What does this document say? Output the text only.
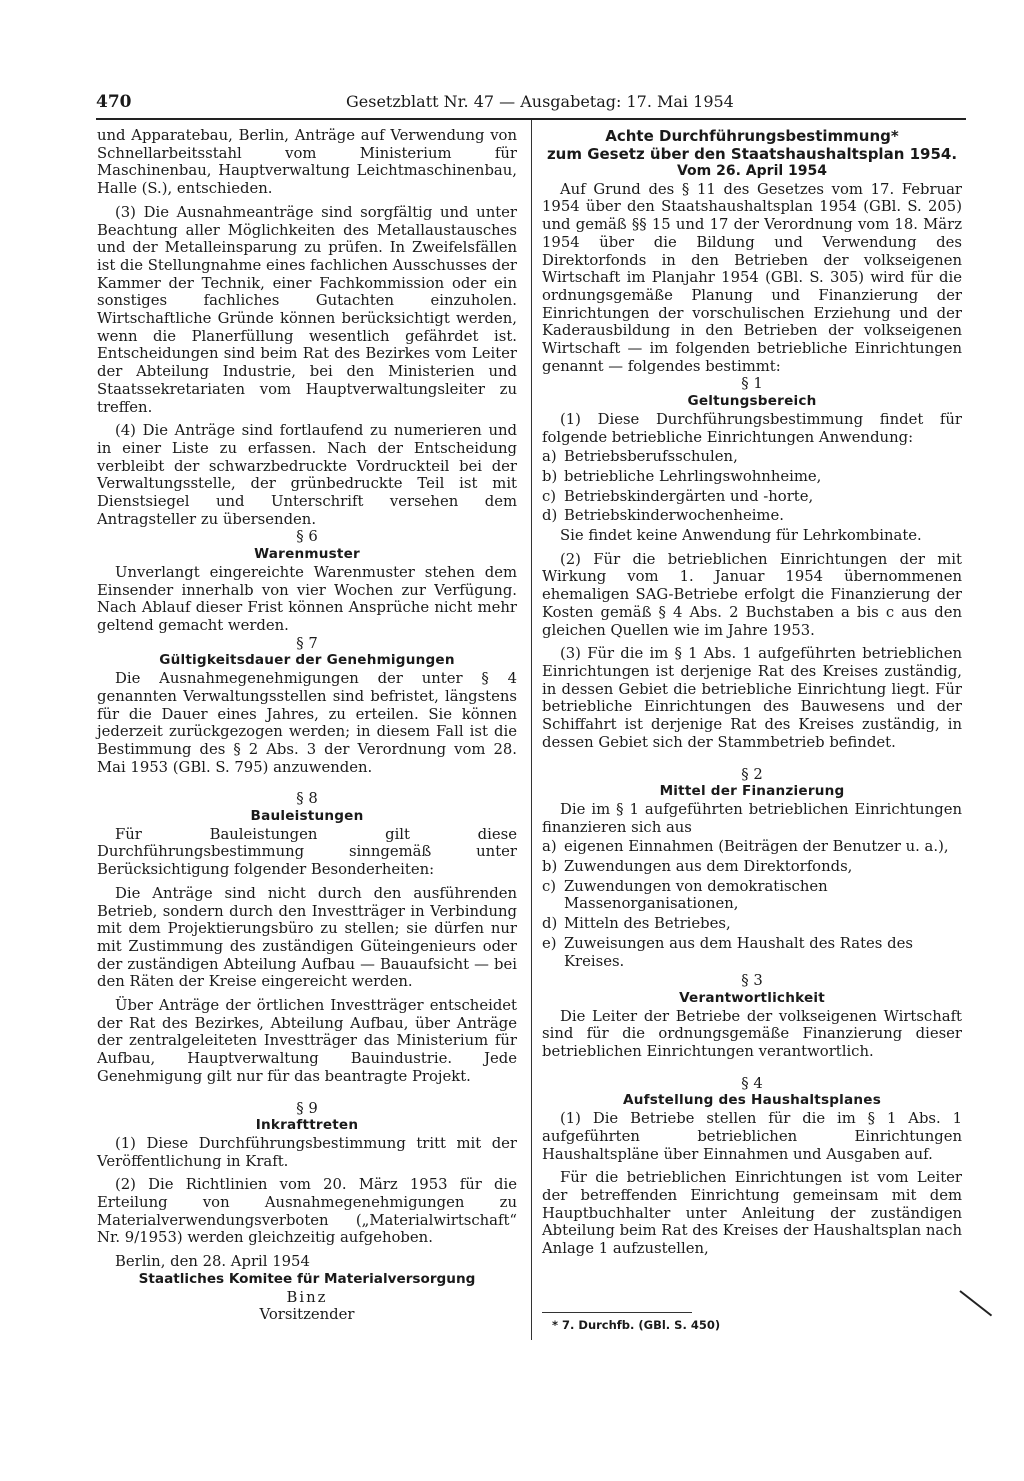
470	Gesetzblatt Nr. 47 — Ausgabetag: 17. Mai 1954

und Apparatebau, Berlin, Anträge auf Verwendung von Schnellarbeitsstahl vom Ministerium für Maschinenbau, Hauptverwaltung Leichtmaschinenbau, Halle (S.), entschieden.

(3) Die Ausnahmeanträge sind sorgfältig und unter Beachtung aller Möglichkeiten des Metallaustausches und der Metalleinsparung zu prüfen. In Zweifelsfällen ist die Stellungnahme eines fachlichen Ausschusses der Kammer der Technik, einer Fachkommission oder ein sonstiges fachliches Gutachten einzuholen. Wirtschaftliche Gründe können berücksichtigt werden, wenn die Planerfüllung wesentlich gefährdet ist. Entscheidungen sind beim Rat des Bezirkes vom Leiter der Abteilung Industrie, bei den Ministerien und Staatssekretariaten vom Hauptverwaltungsleiter zu treffen.

(4) Die Anträge sind fortlaufend zu numerieren und in einer Liste zu erfassen. Nach der Entscheidung verbleibt der schwarzbedruckte Vordruckteil bei der Verwaltungsstelle, der grünbedruckte Teil ist mit Dienstsiegel und Unterschrift versehen dem Antragsteller zu übersenden.

§ 6

Warenmuster

Unverlangt eingereichte Warenmuster stehen dem Einsender innerhalb von vier Wochen zur Verfügung. Nach Ablauf dieser Frist können Ansprüche nicht mehr geltend gemacht werden.

§ 7

Gültigkeitsdauer der Genehmigungen

Die Ausnahmegenehmigungen der unter § 4 genannten Verwaltungsstellen sind befristet, längstens für die Dauer eines Jahres, zu erteilen. Sie können jederzeit zurückgezogen werden; in diesem Fall ist die Bestimmung des § 2 Abs. 3 der Verordnung vom 28. Mai 1953 (GBl. S. 795) anzuwenden.

§ 8

Bauleistungen

Für Bauleistungen gilt diese Durchführungsbestimmung sinngemäß unter Berücksichtigung folgender Besonderheiten:

Die Anträge sind nicht durch den ausführenden Betrieb, sondern durch den Investträger in Verbindung mit dem Projektierungsbüro zu stellen; sie dürfen nur mit Zustimmung des zuständigen Güteingenieurs oder der zuständigen Abteilung Aufbau — Bauaufsicht — bei den Räten der Kreise eingereicht werden.

Über Anträge der örtlichen Investträger entscheidet der Rat des Bezirkes, Abteilung Aufbau, über Anträge der zentralgeleiteten Investträger das Ministerium für Aufbau, Hauptverwaltung Bauindustrie. Jede Genehmigung gilt nur für das beantragte Projekt.

§ 9

Inkrafttreten

(1) Diese Durchführungsbestimmung tritt mit der Veröffentlichung in Kraft.

(2) Die Richtlinien vom 20. März 1953 für die Erteilung von Ausnahmegenehmigungen zu Materialverwendungsverboten („Materialwirtschaft“ Nr. 9/1953) werden gleichzeitig aufgehoben.

Berlin, den 28. April 1954

Staatliches Komitee für Materialversorgung

Binz

Vorsitzender

Achte Durchführungsbestimmung*

zum Gesetz über den Staatshaushaltsplan 1954.

Vom 26. April 1954

Auf Grund des § 11 des Gesetzes vom 17. Februar 1954 über den Staatshaushaltsplan 1954 (GBl. S. 205) und gemäß §§ 15 und 17 der Verordnung vom 18. März 1954 über die Bildung und Verwendung des Direktorfonds in den Betrieben der volkseigenen Wirtschaft im Planjahr 1954 (GBl. S. 305) wird für die ordnungsgemäße Planung und Finanzierung der Einrichtungen der vorschulischen Erziehung und der Kaderausbildung in den Betrieben der volkseigenen Wirtschaft — im folgenden betriebliche Einrichtungen genannt — folgendes bestimmt:

§ 1

Geltungsbereich

(1) Diese Durchführungsbestimmung findet für folgende betriebliche Einrichtungen Anwendung:

a) Betriebsberufsschulen,
b) betriebliche Lehrlingswohnheime,
c) Betriebskindergärten und -horte,
d) Betriebskinderwochenheime.

Sie findet keine Anwendung für Lehrkombinate.

(2) Für die betrieblichen Einrichtungen der mit Wirkung vom 1. Januar 1954 übernommenen ehemaligen SAG-Betriebe erfolgt die Finanzierung der Kosten gemäß § 4 Abs. 2 Buchstaben a bis c aus den gleichen Quellen wie im Jahre 1953.

(3) Für die im § 1 Abs. 1 aufgeführten betrieblichen Einrichtungen ist derjenige Rat des Kreises zuständig, in dessen Gebiet die betriebliche Einrichtung liegt. Für betriebliche Einrichtungen des Bauwesens und der Schiffahrt ist derjenige Rat des Kreises zuständig, in dessen Gebiet sich der Stammbetrieb befindet.

§ 2

Mittel der Finanzierung

Die im § 1 aufgeführten betrieblichen Einrichtungen finanzieren sich aus

a) eigenen Einnahmen (Beiträgen der Benutzer u. a.),
b) Zuwendungen aus dem Direktorfonds,
c) Zuwendungen von demokratischen Massenorganisationen,
d) Mitteln des Betriebes,
e) Zuweisungen aus dem Haushalt des Rates des Kreises.

§ 3

Verantwortlichkeit

Die Leiter der Betriebe der volkseigenen Wirtschaft sind für die ordnungsgemäße Finanzierung dieser betrieblichen Einrichtungen verantwortlich.

§ 4

Aufstellung des Haushaltsplanes

(1) Die Betriebe stellen für die im § 1 Abs. 1 aufgeführten betrieblichen Einrichtungen Haushaltspläne über Einnahmen und Ausgaben auf.

Für die betrieblichen Einrichtungen ist vom Leiter der betreffenden Einrichtung gemeinsam mit dem Hauptbuchhalter unter Anleitung der zuständigen Abteilung beim Rat des Kreises der Haushaltsplan nach Anlage 1 aufzustellen,

* 7. Durchfb. (GBl. S. 450)
